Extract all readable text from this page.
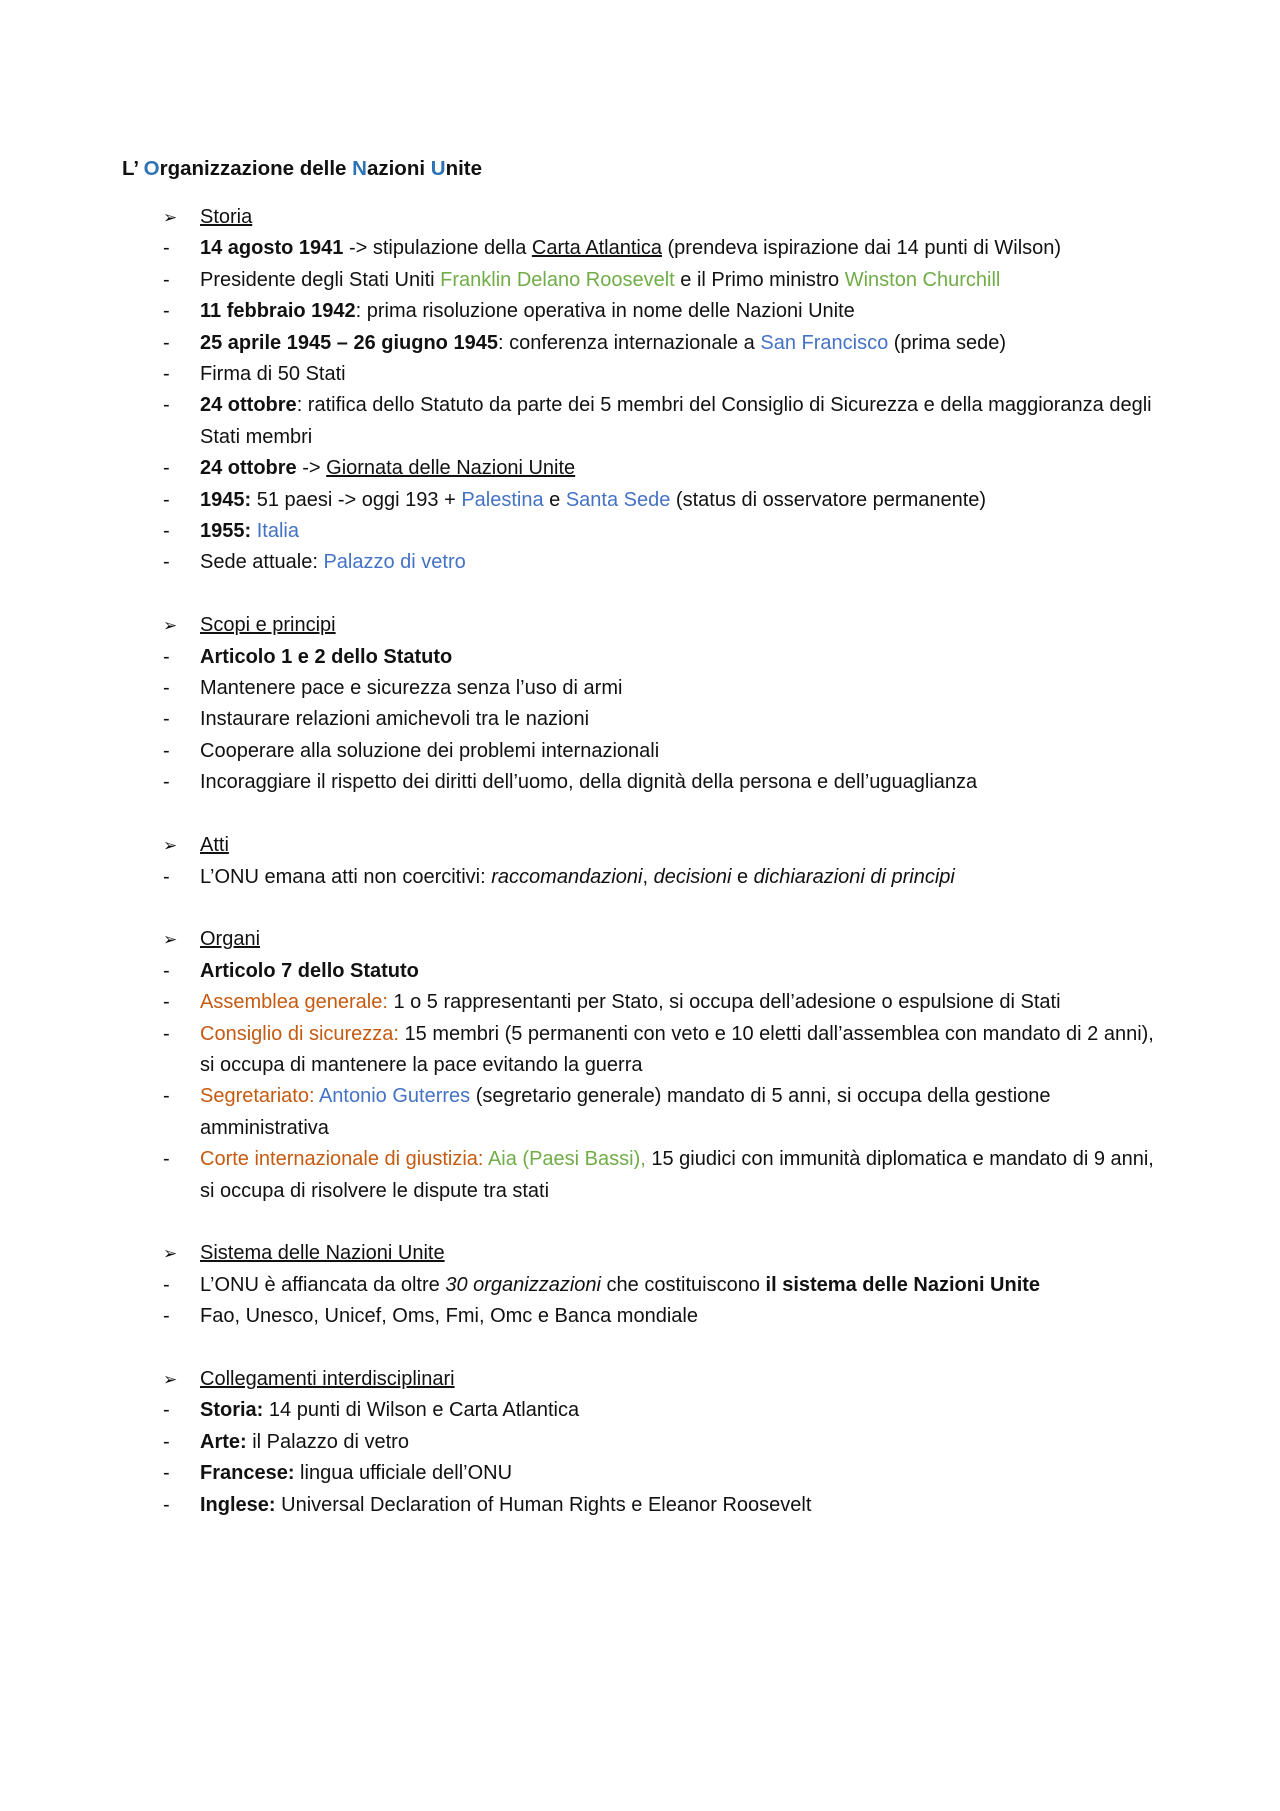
L’ Organizzazione delle Nazioni Unite
➢	Storia
-	14 agosto 1941 -> stipulazione della Carta Atlantica (prendeva ispirazione dai 14 punti di Wilson)
-	Presidente degli Stati Uniti Franklin Delano Roosevelt e il Primo ministro Winston Churchill
-	11 febbraio 1942: prima risoluzione operativa in nome delle Nazioni Unite
-	25 aprile 1945 – 26 giugno 1945: conferenza internazionale a San Francisco (prima sede)
-	Firma di 50 Stati
-	24 ottobre: ratifica dello Statuto da parte dei 5 membri del Consiglio di Sicurezza e della maggioranza degli Stati membri
-	24 ottobre -> Giornata delle Nazioni Unite
-	1945: 51 paesi -> oggi 193 + Palestina e Santa Sede (status di osservatore permanente)
-	1955: Italia
-	Sede attuale: Palazzo di vetro
➢	Scopi e principi
-	Articolo 1 e 2 dello Statuto
-	Mantenere pace e sicurezza senza l’uso di armi
-	Instaurare relazioni amichevoli tra le nazioni
-	Cooperare alla soluzione dei problemi internazionali
-	Incoraggiare il rispetto dei diritti dell’uomo, della dignità della persona e dell’uguaglianza
➢	Atti
-	L’ONU emana atti non coercitivi: raccomandazioni, decisioni e dichiarazioni di principi
➢	Organi
-	Articolo 7 dello Statuto
-	Assemblea generale: 1 o 5 rappresentanti per Stato, si occupa dell’adesione o espulsione di Stati
-	Consiglio di sicurezza: 15 membri (5 permanenti con veto e 10 eletti dall’assemblea con mandato di 2 anni), si occupa di mantenere la pace evitando la guerra
-	Segretariato: Antonio Guterres (segretario generale) mandato di 5 anni, si occupa della gestione amministrativa
-	Corte internazionale di giustizia: Aia (Paesi Bassi), 15 giudici con immunità diplomatica e mandato di 9 anni, si occupa di risolvere le dispute tra stati
➢	Sistema delle Nazioni Unite
-	L’ONU è affiancata da oltre 30 organizzazioni che costituiscono il sistema delle Nazioni Unite
-	Fao, Unesco, Unicef, Oms, Fmi, Omc e Banca mondiale
➢	Collegamenti interdisciplinari
-	Storia: 14 punti di Wilson e Carta Atlantica
-	Arte: il Palazzo di vetro
-	Francese: lingua ufficiale dell’ONU
-	Inglese: Universal Declaration of Human Rights e Eleanor Roosevelt
